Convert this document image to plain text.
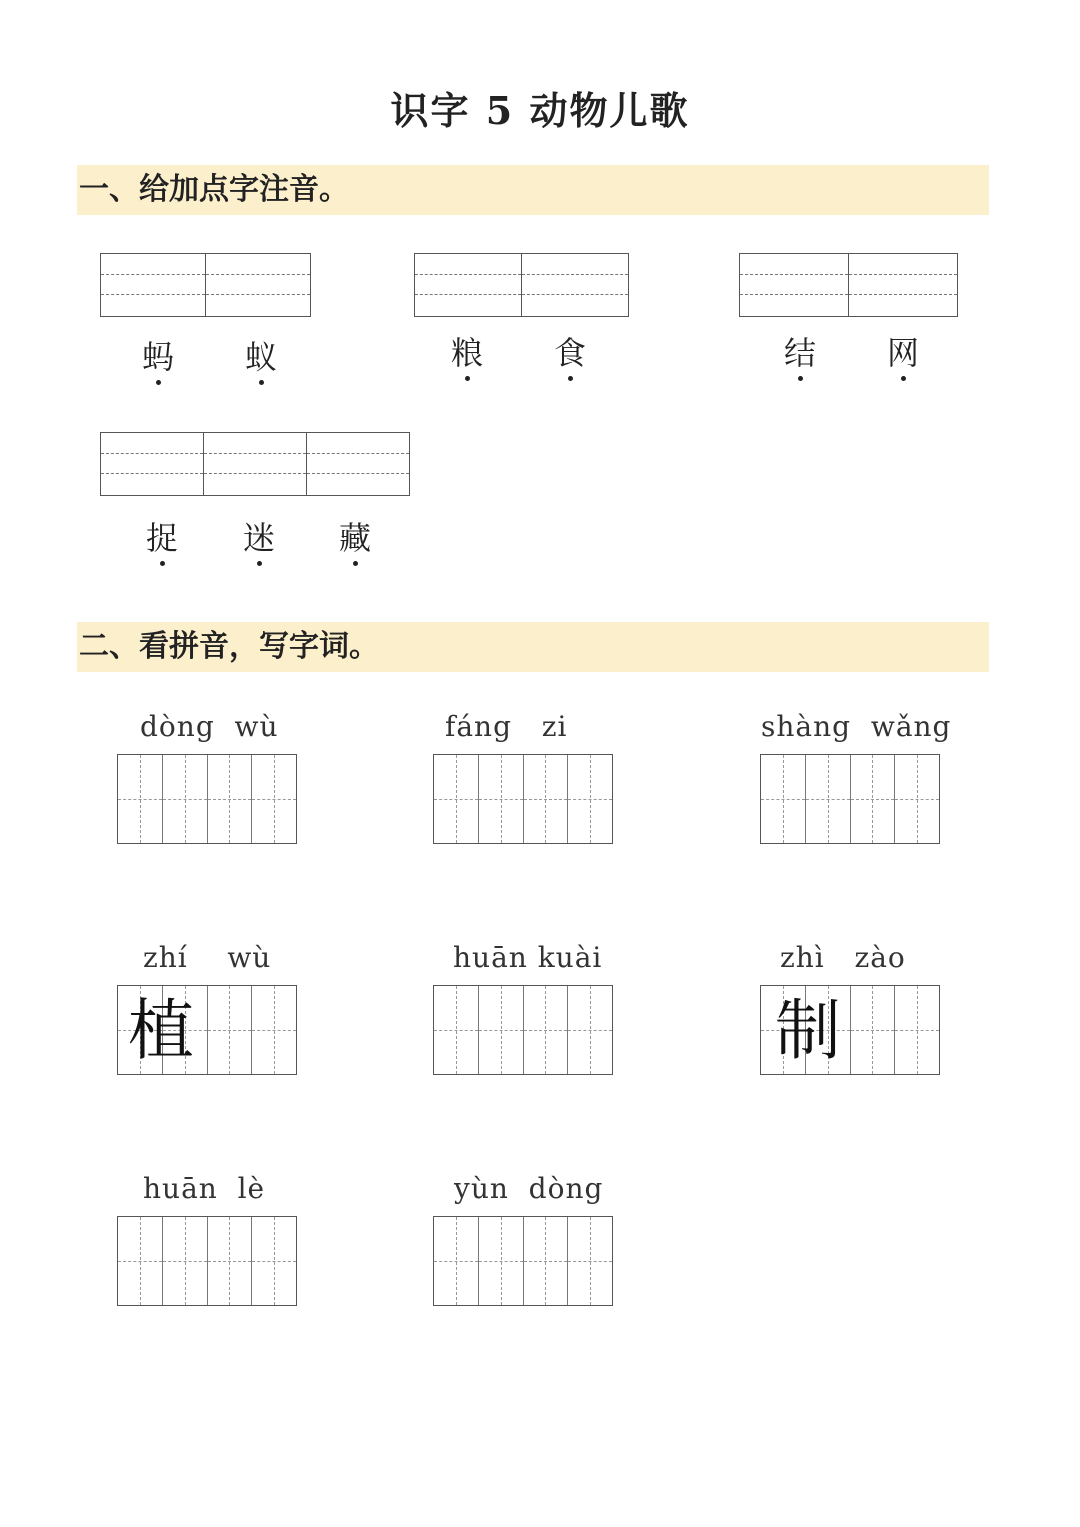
识字 5 动物儿歌
一、给加点字注音。
蚂	蚁	粮	食	结	网
捉	迷	藏
二、看拼音，写字词。
dòng  wù	fáng   zi	shàng  wǎng
zhí    wù
植
huān kuài	zhì   zào
制
huān  lè	yùn  dòng
